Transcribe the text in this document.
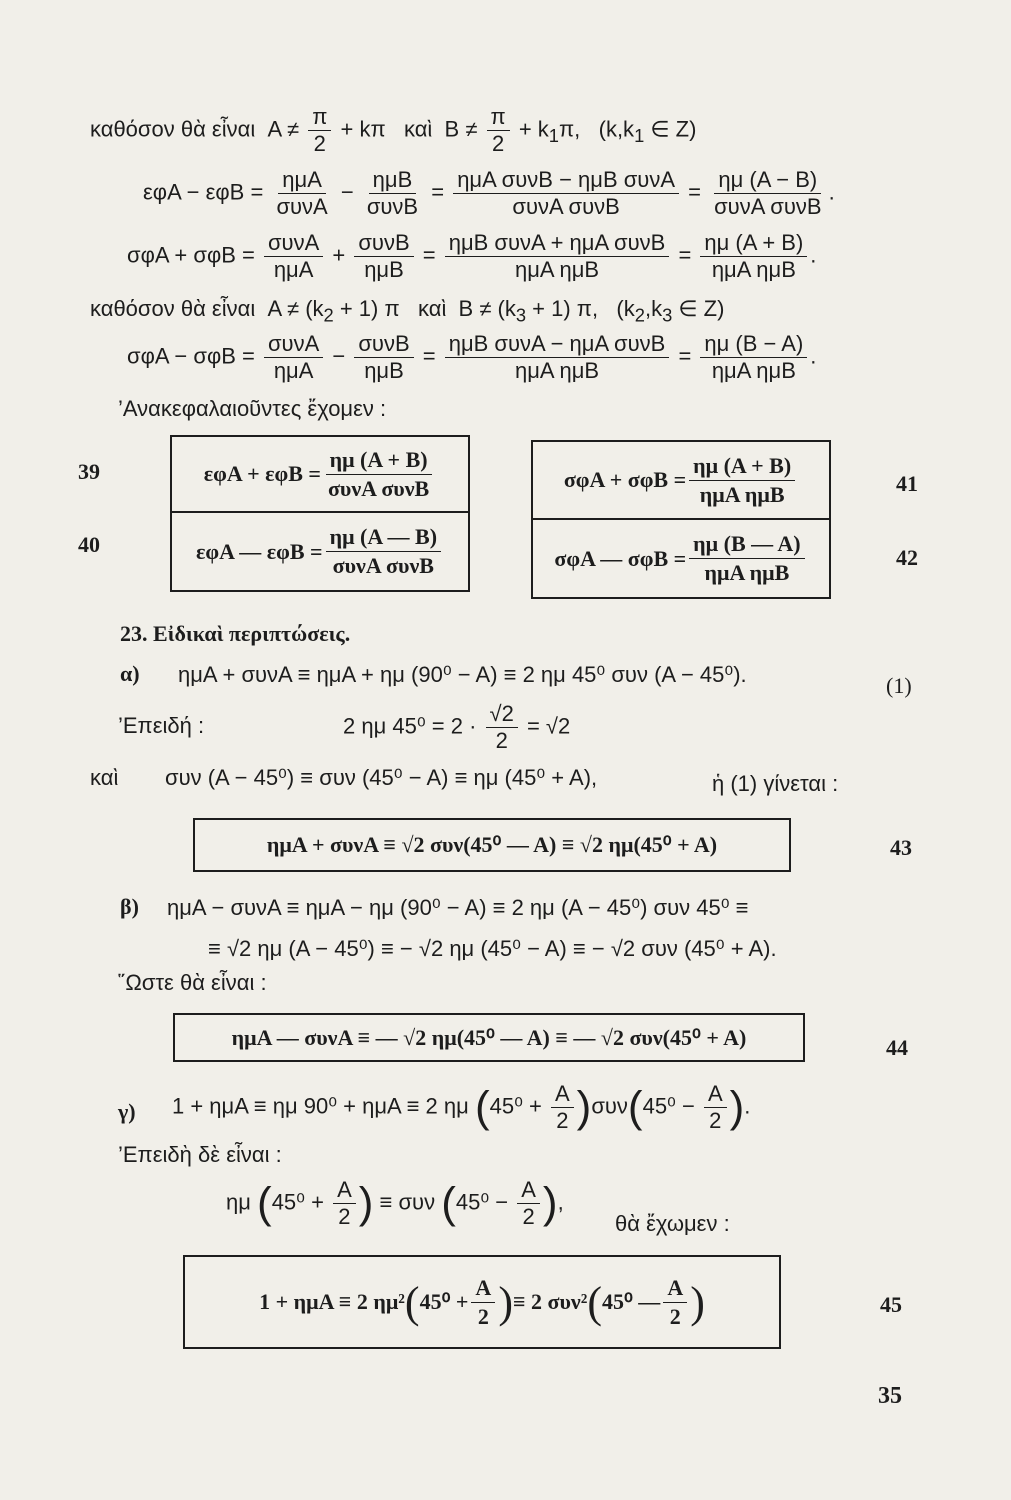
καθόσον θὰ εἶναι  $A \ne \frac{\pi}{2} + k\pi$   καὶ  $B \ne \frac{\pi}{2} + k_1\pi$,   ($k,k_1$ ∈ Z)
$\varepsilon\varphi A - \varepsilon\varphi B = \frac{\text{ημΑ}}{\text{συνΑ}} - \frac{\text{ημΒ}}{\text{συνΒ}} = \frac{\text{ημΑ συνΒ − ημΒ συνΑ}}{\text{συνΑ συνΒ}} = \frac{\eta\mu (A - B)}{\text{συνΑ συνΒ}}$ .
$\sigma\varphi A + \sigma\varphi B = \frac{\text{συνΑ}}{\text{ημΑ}} + \frac{\text{συνΒ}}{\text{ημΒ}} = \frac{\text{ημΒ συνΑ + ημΑ συνΒ}}{\text{ημΑ ημΒ}} = \frac{\eta\mu (A + B)}{\text{ημΑ ημΒ}}$ .
καθόσον θὰ εἶναι  $A \ne (k_2 + 1)$ π   καὶ  $B \ne (k_3 + 1)$ π,   ($k_2,k_3$ ∈ Z)
$\sigma\varphi A - \sigma\varphi B = \frac{\text{συνΑ}}{\text{ημΑ}} - \frac{\text{συνΒ}}{\text{ημΒ}} = \frac{\text{ημΒ συνΑ − ημΑ συνΒ}}{\text{ημΑ ημΒ}} = \frac{\eta\mu (B - A)}{\text{ημΑ ημΒ}}$ .
’Ανακεφαλαιοῦντες ἔχομεν :
39
40
$\varepsilon\varphi A + \varepsilon\varphi B = \frac{\eta\mu (A + B)}{\text{συνΑ συνΒ}}$
εφΑ — $\varepsilon\varphi B = \frac{\eta\mu (A — B)}{\text{συνΑ συνΒ}}$
$\sigma\varphi A + \sigma\varphi B = \frac{\eta\mu (A + B)}{\text{ημΑ ημΒ}}$
σφΑ — $\sigma\varphi B = \frac{\eta\mu (B — A)}{\text{ημΑ ημΒ}}$
41
42
23. Εἰδικαὶ περιπτώσεις.
α) ημΑ + συνΑ ≡ ημΑ + ημ (90⁰ − Α) ≡ 2 ημ 45⁰ συν (Α − 45⁰).	(1)
’Επειδή :	2 ημ $45^0 = 2 \cdot \frac{√2}{2} = √2$
καὶ συν (Α − 45⁰) ≡ συν (45⁰ − Α) ≡ ημ (45⁰ + Α),	ἡ (1) γίνεται :
ημΑ + συνΑ ≡ √2 συν(45⁰ — Α) ≡ √2 ημ(45⁰ + Α)	43
β) ημΑ − συνΑ ≡ ημΑ − ημ (90⁰ − Α) ≡ 2 ημ (Α − 45⁰) συν 45⁰ ≡
≡ √2 ημ (Α − 45⁰) ≡ − √2 ημ (45⁰ − Α) ≡ − √2 συν (45⁰ + Α).
῞Ωστε θὰ εἶναι :
ημΑ — συνΑ ≡ — √2 ημ(45⁰ — Α) ≡ — √2 συν(45⁰ + Α)	44
γ) 1 + ημΑ ≡ ημ 90⁰ + ημΑ ≡ 2 ημ $(45^0 + \frac{A}{2} )\sigma\upsilon\nu(45^0 - \frac{A}{2}$ ).
’Επειδὴ δὲ εἶναι :
ημ ($45^0 + \frac{A}{2}$ ) ≡ συν ($45^0 - \frac{A}{2}$ ),
θὰ ἔχωμεν :
1 + ημΑ ≡ 2 ημ² ( $45^0 + \frac{A}{2}$ ) ≡ 2 συν² ( 45⁰ — $\frac{A}{2}$ )	45
35
